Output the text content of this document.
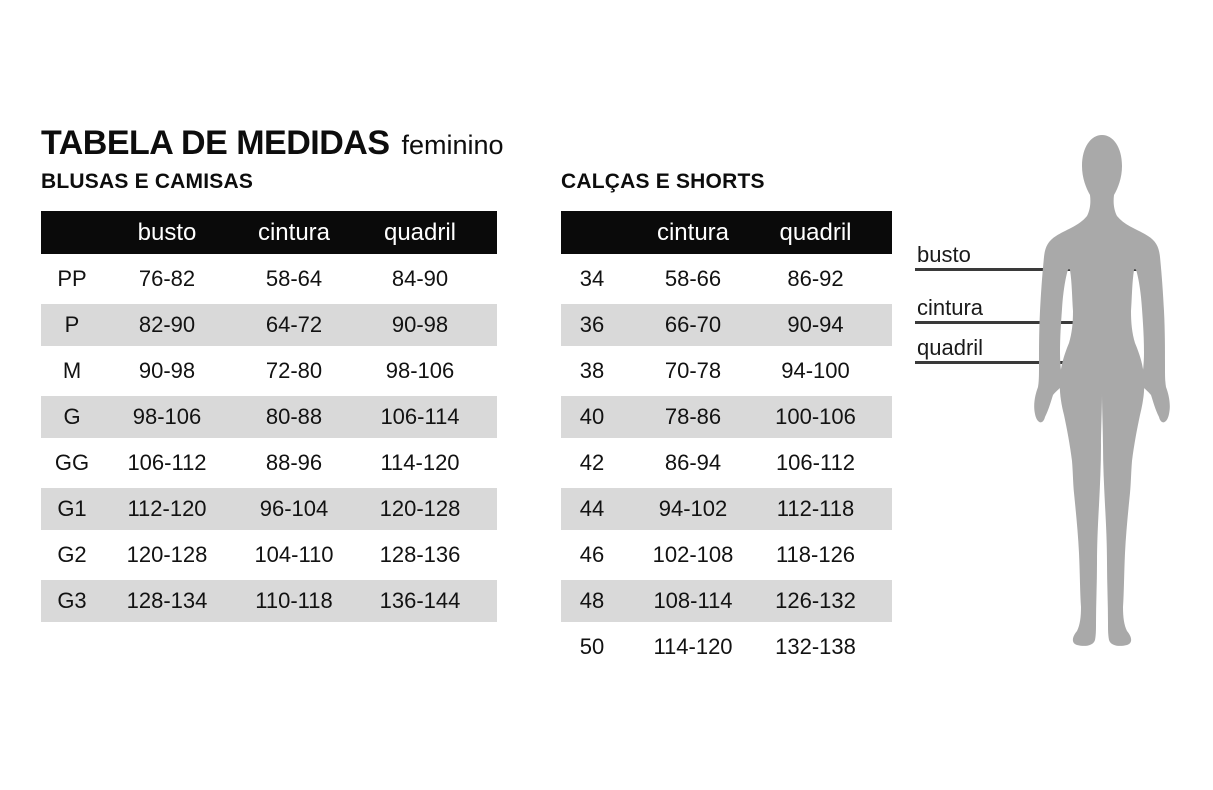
TABELA DE MEDIDAS feminino
BLUSAS E CAMISAS	CALÇAS E SHORTS
	busto	cintura	quadril	
PP	76-82	58-64	84-90	
P	82-90	64-72	90-98	
M	90-98	72-80	98-106	
G	98-106	80-88	106-114	
GG	106-112	88-96	114-120	
G1	112-120	96-104	120-128	
G2	120-128	104-110	128-136	
G3	128-134	110-118	136-144	
	cintura	quadril	
34	58-66	86-92	
36	66-70	90-94	
38	70-78	94-100	
40	78-86	100-106	
42	86-94	106-112	
44	94-102	112-118	
46	102-108	118-126	
48	108-114	126-132	
50	114-120	132-138	
busto
cintura
quadril
